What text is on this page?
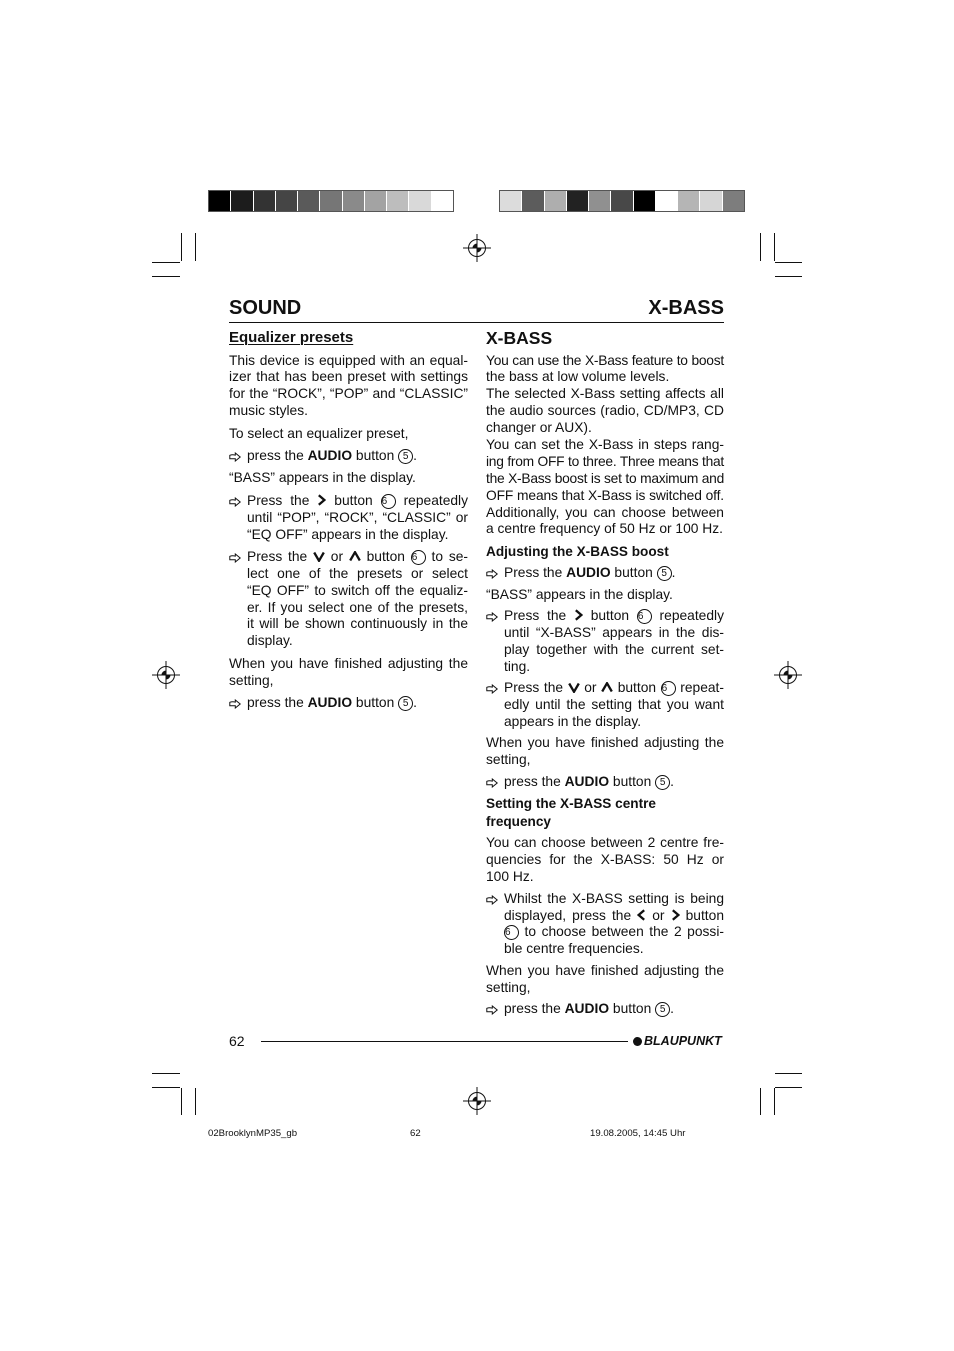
SOUND	X-BASS
Equalizer presets
This device is equipped with an equal-
izer that has been preset with settings
for the “ROCK”, “POP” and “CLASSIC”
music styles.
To select an equalizer preset,
press the AUDIO button 5 .
“BASS” appears in the display.
Press the
button 6 repeatedly
until “POP”, “ROCK”, “CLASSIC” or
“EQ OFF” appears in the display.
Press the
or
button 6 to se-
lect one of the presets or select
“EQ OFF” to switch off the equaliz-
er. If you select one of the presets,
it will be shown continuously in the
display.
When you have finished adjusting the
setting,
press the AUDIO button 5 .
X-BASS
You can use the X-Bass feature to boost
the bass at low volume levels.
The selected X-Bass setting affects all
the audio sources (radio, CD/MP3, CD
changer or AUX).
You can set the X-Bass in steps rang-
ing from OFF to three. Three means that
the X-Bass boost is set to maximum and
OFF means that X-Bass is switched off.
Additionally, you can choose between
a centre frequency of 50 Hz or 100 Hz.
Adjusting the X-BASS boost
Press the AUDIO button 5 .
“BASS” appears in the display.
Press the
button 6 repeatedly
until “X-BASS” appears in the dis-
play together with the current set-
ting.
Press the
or
button 6 repeat-
edly until the setting that you want
appears in the display.
When you have finished adjusting the
setting,
press the AUDIO button 5 .
Setting the X-BASS centre
frequency
You can choose between 2 centre fre-
quencies for the X-BASS: 50 Hz or
100 Hz.
Whilst the X-BASS setting is being
displayed, press the
or
button
6 to choose between the 2 possi-
ble centre frequencies.
When you have finished adjusting the
setting,
press the AUDIO button 5 .
62	BLAUPUNKT
02BrooklynMP35_gb	62	19.08.2005, 14:45 Uhr
